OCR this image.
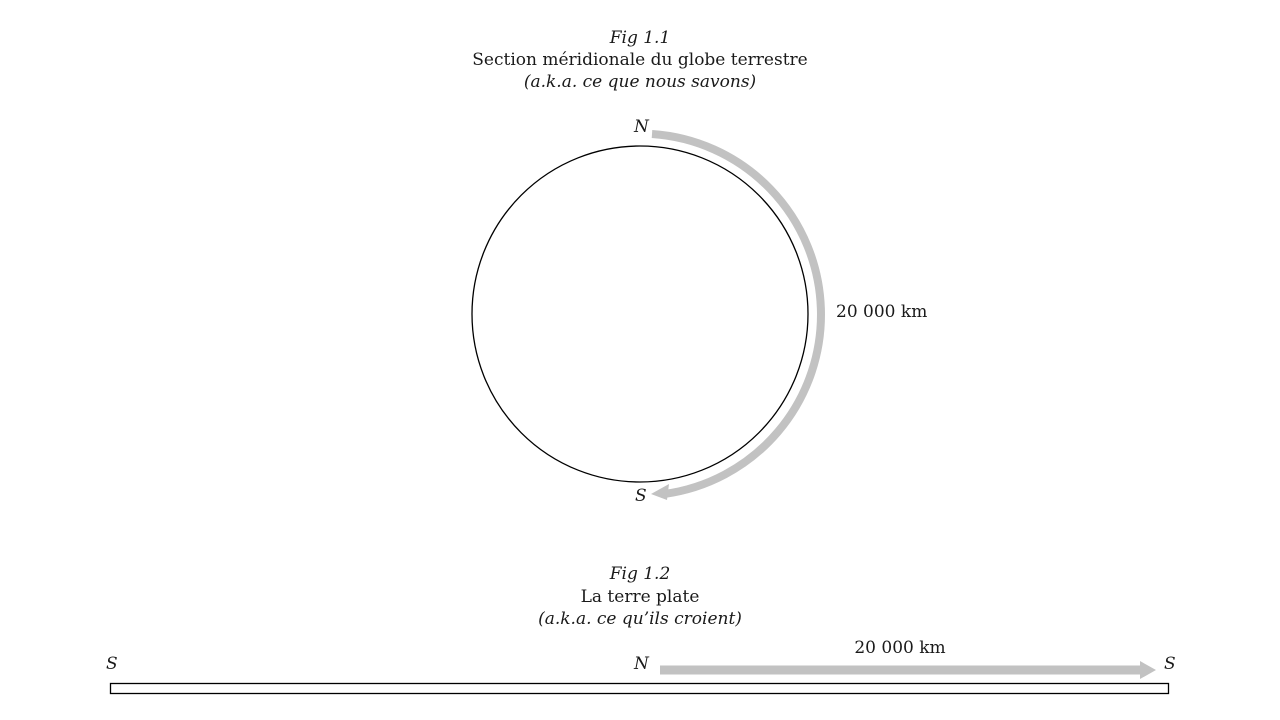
Fig 1.1
Section méridionale du globe terrestre
(a.k.a. ce que nous savons)
N
S
20 000 km
Fig 1.2
La terre plate
(a.k.a. ce qu’ils croient)
S	N	S
20 000 km
